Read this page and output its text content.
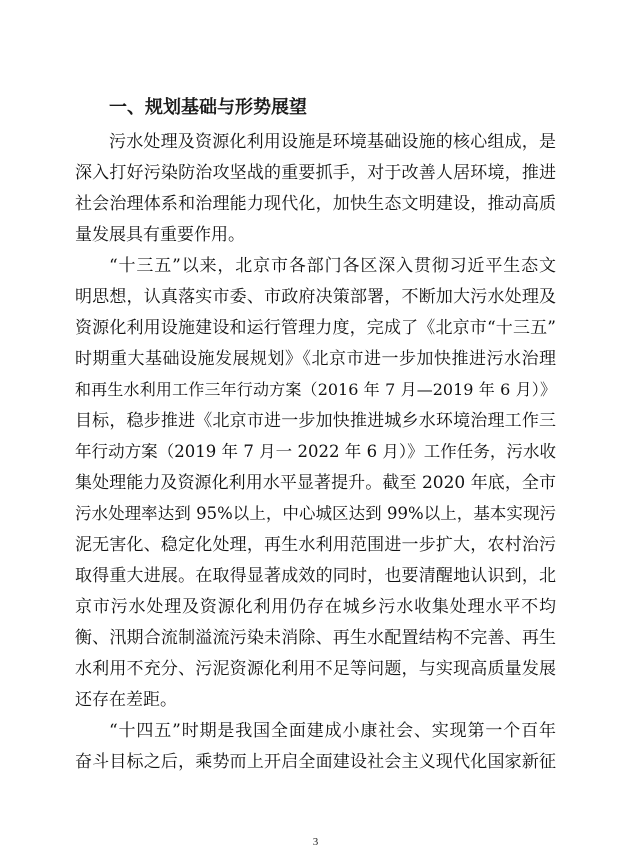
一、规划基础与形势展望
污水处理及资源化利用设施是环境基础设施的核心组成，是
深入打好污染防治攻坚战的重要抓手，对于改善人居环境，推进
社会治理体系和治理能力现代化，加快生态文明建设，推动高质
量发展具有重要作用。
“十三五”以来，北京市各部门各区深入贯彻习近平生态文
明思想，认真落实市委、市政府决策部署，不断加大污水处理及
资源化利用设施建设和运行管理力度，完成了《北京市“十三五”
时期重大基础设施发展规划》《北京市进一步加快推进污水治理
和再生水利用工作三年行动方案（2016 年 7 月—2019 年 6 月）》
目标，稳步推进《北京市进一步加快推进城乡水环境治理工作三
年行动方案（2019 年 7 月一 2022 年 6 月）》工作任务，污水收
集处理能力及资源化利用水平显著提升。截至 2020 年底，全市
污水处理率达到 95%以上，中心城区达到 99%以上，基本实现污
泥无害化、稳定化处理，再生水利用范围进一步扩大，农村治污
取得重大进展。在取得显著成效的同时，也要清醒地认识到，北
京市污水处理及资源化利用仍存在城乡污水收集处理水平不均
衡、汛期合流制溢流污染未消除、再生水配置结构不完善、再生
水利用不充分、污泥资源化利用不足等问题，与实现高质量发展
还存在差距。
“十四五”时期是我国全面建成小康社会、实现第一个百年
奋斗目标之后，乘势而上开启全面建设社会主义现代化国家新征
3
